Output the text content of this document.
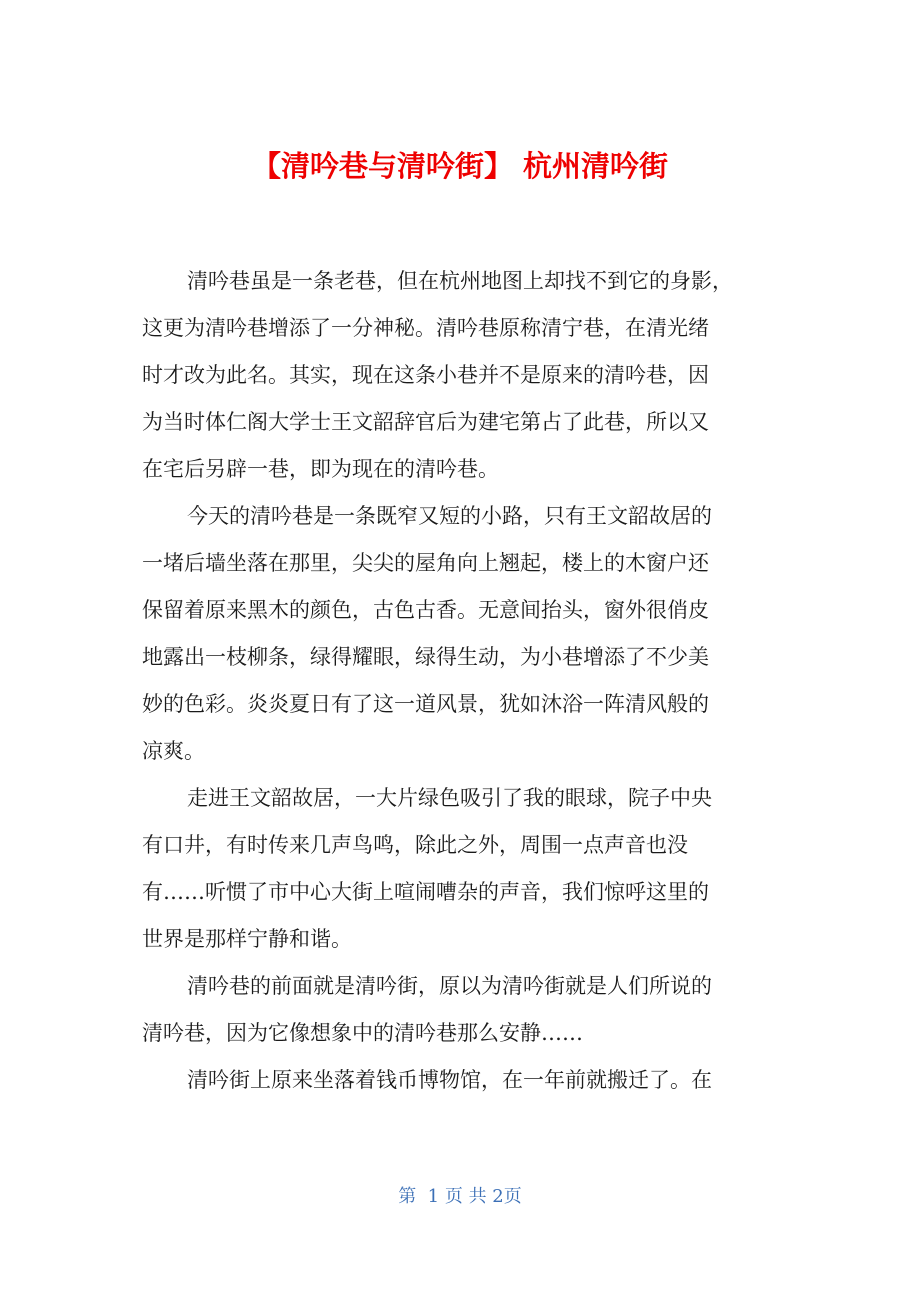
【清吟巷与清吟街】 杭州清吟街

清吟巷虽是一条老巷，但在杭州地图上却找不到它的身影，
这更为清吟巷增添了一分神秘。清吟巷原称清宁巷，在清光绪
时才改为此名。其实，现在这条小巷并不是原来的清吟巷，因
为当时体仁阁大学士王文韶辞官后为建宅第占了此巷，所以又
在宅后另辟一巷，即为现在的清吟巷。

今天的清吟巷是一条既窄又短的小路，只有王文韶故居的
一堵后墙坐落在那里，尖尖的屋角向上翘起，楼上的木窗户还
保留着原来黑木的颜色，古色古香。无意间抬头，窗外很俏皮
地露出一枝柳条，绿得耀眼，绿得生动，为小巷增添了不少美
妙的色彩。炎炎夏日有了这一道风景，犹如沐浴一阵清风般的
凉爽。

走进王文韶故居，一大片绿色吸引了我的眼球，院子中央
有口井，有时传来几声鸟鸣，除此之外，周围一点声音也没
有……听惯了市中心大街上喧闹嘈杂的声音，我们惊呼这里的
世界是那样宁静和谐。

清吟巷的前面就是清吟街，原以为清吟街就是人们所说的
清吟巷，因为它像想象中的清吟巷那么安静……

清吟街上原来坐落着钱币博物馆，在一年前就搬迁了。在

第  1 页 共 2页
